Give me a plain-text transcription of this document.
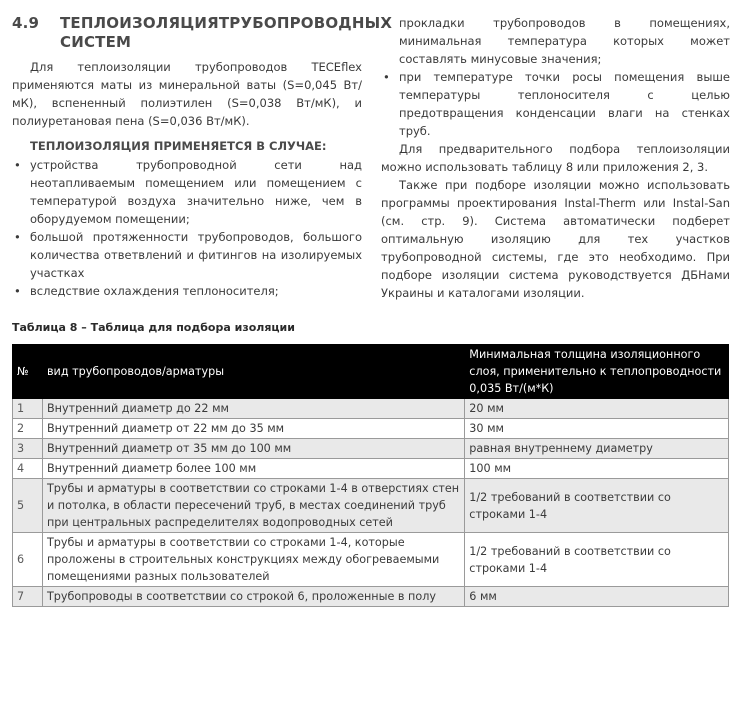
4.9	ТЕПЛОИЗОЛЯЦИЯ ТРУБОПРОВОДНЫХ
СИСТЕМ

Для теплоизоляции трубопроводов TECEflex применяются маты из минеральной ваты (S=0,045 Вт/мК), вспененный полиэтилен (S=0,038 Вт/мК), и полиуретановая пена (S=0,036 Вт/мК).

ТЕПЛОИЗОЛЯЦИЯ ПРИМЕНЯЕТСЯ В СЛУЧАЕ:
• устройства трубопроводной сети над неотапливаемым помещением или помещением с температурой воздуха значительно ниже, чем в оборудуемом помещении;
• большой протяженности трубопроводов, большого количества ответвлений и фитингов на изолируемых участках
• вследствие охлаждения теплоносителя;
• прокладки трубопроводов в помещениях, минимальная температура которых может составлять минусовые значения;
• при температуре точки росы помещения выше температуры теплоносителя с целью предотвращения конденсации влаги на стенках труб.

Для предварительного подбора теплоизоляции можно использовать таблицу 8 или приложения 2, 3.

Также при подборе изоляции можно использовать программы проектирования Instal-Therm или Instal-San (см. стр. 9). Система автоматически подберет оптимальную изоляцию для тех участков трубопроводной системы, где это необходимо. При подборе изоляции система руководствуется ДБНами Украины и каталогами изоляции.

Таблица 8 – Таблица для подбора изоляции
№	вид трубопроводов/арматуры	Минимальная толщина изоляционного слоя, применительно к теплопроводности 0,035 Вт/(м*К)
1	Внутренний диаметр до 22 мм	20 мм
2	Внутренний диаметр от 22 мм до 35 мм	30 мм
3	Внутренний диаметр от 35 мм до 100 мм	равная внутреннему диаметру
4	Внутренний диаметр более 100 мм	100 мм
5	Трубы и арматуры в соответствии со строками 1-4 в отверстиях стен и потолка, в области пересечений труб, в местах соединений труб при центральных распределителях водопроводных сетей	1/2 требований в соответствии со строками 1-4
6	Трубы и арматуры в соответствии со строками 1-4, которые проложены в строительных конструкциях между обогреваемыми помещениями разных пользователей	1/2 требований в соответствии со строками 1-4
7	Трубопроводы в соответствии со строкой 6, проложенные в полу	6 мм
